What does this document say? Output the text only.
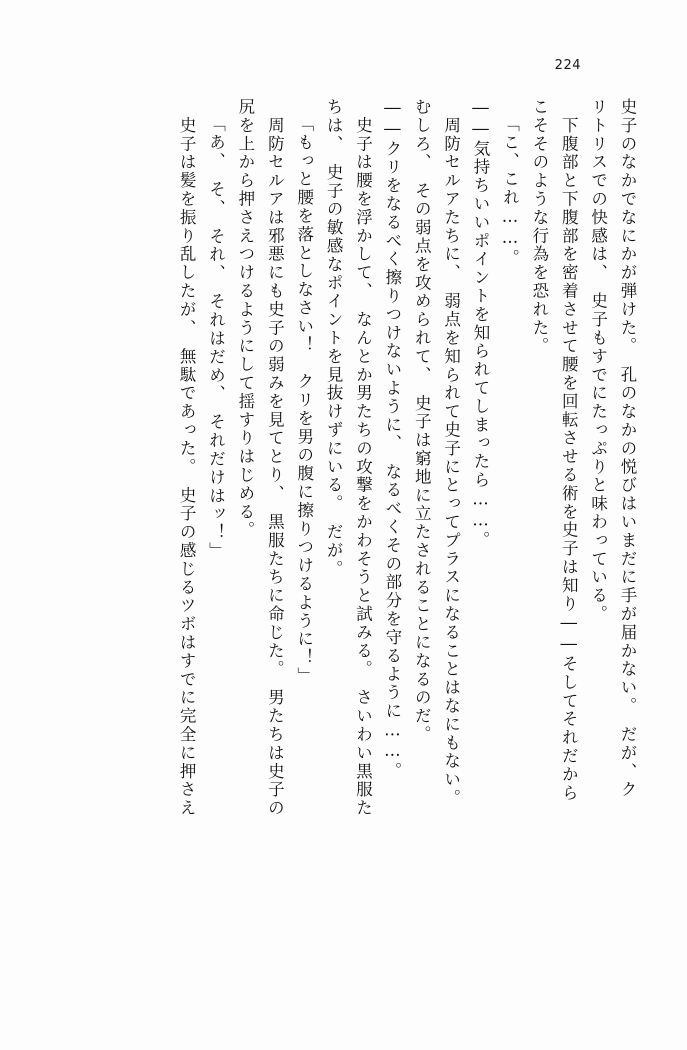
224
史子のなかでなにかが弾けた。　孔のなかの悦びはいまだに手が届かない。　だが、ク
リトリスでの快感は、　史子もすでにたっぷりと味わっている。
　下腹部と下腹部を密着させて腰を回転させる術を史子は知り――そしてそれだから
こそそのような行為を恐れた。
「こ、これ……。
――気持ちいいポイントを知られてしまったら……。
　周防セルアたちに、　弱点を知られて史子にとってプラスになることはなにもない。
むしろ、　その弱点を攻められて、　史子は窮地に立たされることになるのだ。
――クリをなるべく擦りつけないように、　なるべくその部分を守るように……。
　史子は腰を浮かして、　なんとか男たちの攻撃をかわそうと試みる。　さいわい黒服た
ちは、　史子の敏感なポイントを見抜けずにいる。　だが。
「もっと腰を落としなさい！　クリを男の腹に擦りつけるように！」
　周防セルアは邪悪にも史子の弱みを見てとり、　黒服たちに命じた。　男たちは史子の
尻を上から押さえつけるようにして揺すりはじめる。
「あ、　そ、　それ、　それはだめ、　それだけはッ！」
　史子は髪を振り乱したが、　無駄であった。　史子の感じるツボはすでに完全に押さえ
